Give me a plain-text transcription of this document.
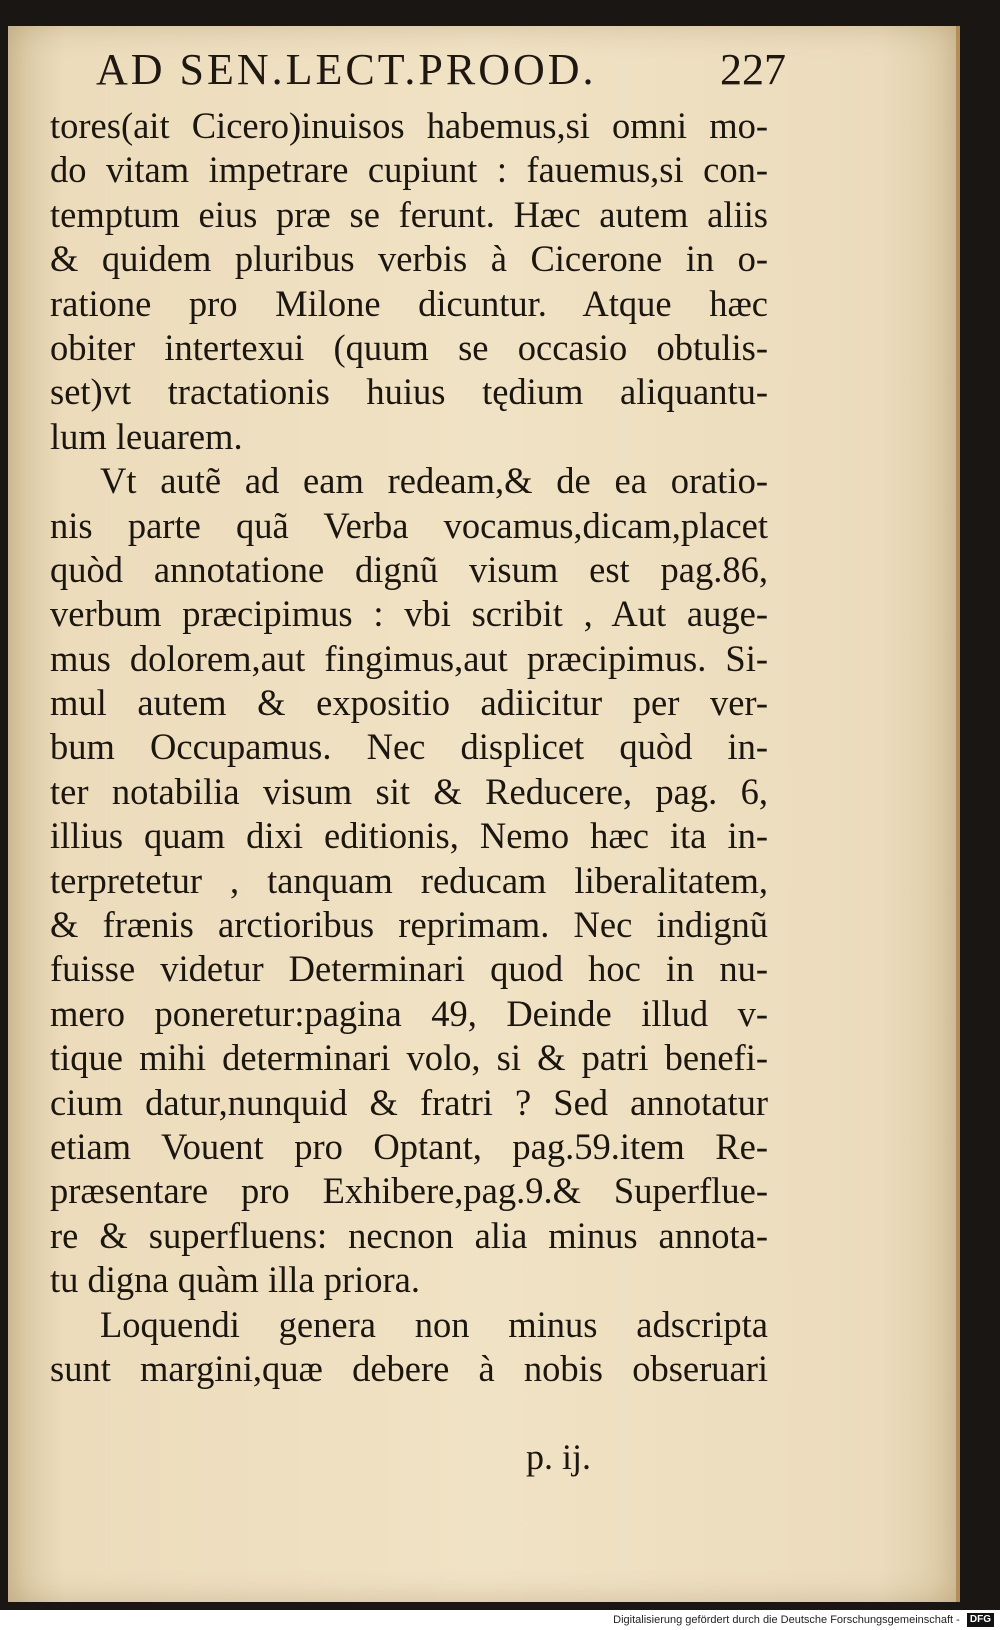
AD SEN.LECT.PROOD.	227
tores(ait Cicero)inuisos habemus,si omni mo-
do vitam impetrare cupiunt : fauemus,si con-
temptum eius præ se ferunt. Hæc autem aliis
& quidem pluribus verbis à Cicerone in o-
ratione pro Milone dicuntur. Atque hæc
obiter intertexui (quum se occasio obtulis-
set)vt tractationis huius tędium aliquantu-
lum leuarem.
Vt autẽ ad eam redeam,& de ea oratio-
nis parte quã Verba vocamus,dicam,placet
quòd annotatione dignũ visum est pag.86,
verbum præcipimus : vbi scribit , Aut auge-
mus dolorem,aut fingimus,aut præcipimus. Si-
mul autem & expositio adiicitur per ver-
bum Occupamus. Nec displicet quòd in-
ter notabilia visum sit & Reducere, pag. 6,
illius quam dixi editionis, Nemo hæc ita in-
terpretetur , tanquam reducam liberalitatem,
& frænis arctioribus reprimam. Nec indignũ
fuisse videtur Determinari quod hoc in nu-
mero poneretur:pagina 49, Deinde illud v-
tique mihi determinari volo, si & patri benefi-
cium datur,nunquid & fratri ? Sed annotatur
etiam Vouent pro Optant, pag.59.item Re-
præsentare pro Exhibere,pag.9.& Superflue-
re & superfluens: necnon alia minus annota-
tu digna quàm illa priora.
Loquendi genera non minus adscripta
sunt margini,quæ debere à nobis obseruari
p. ij.
Digitalisierung gefördert durch die Deutsche Forschungsgemeinschaft - DFG
